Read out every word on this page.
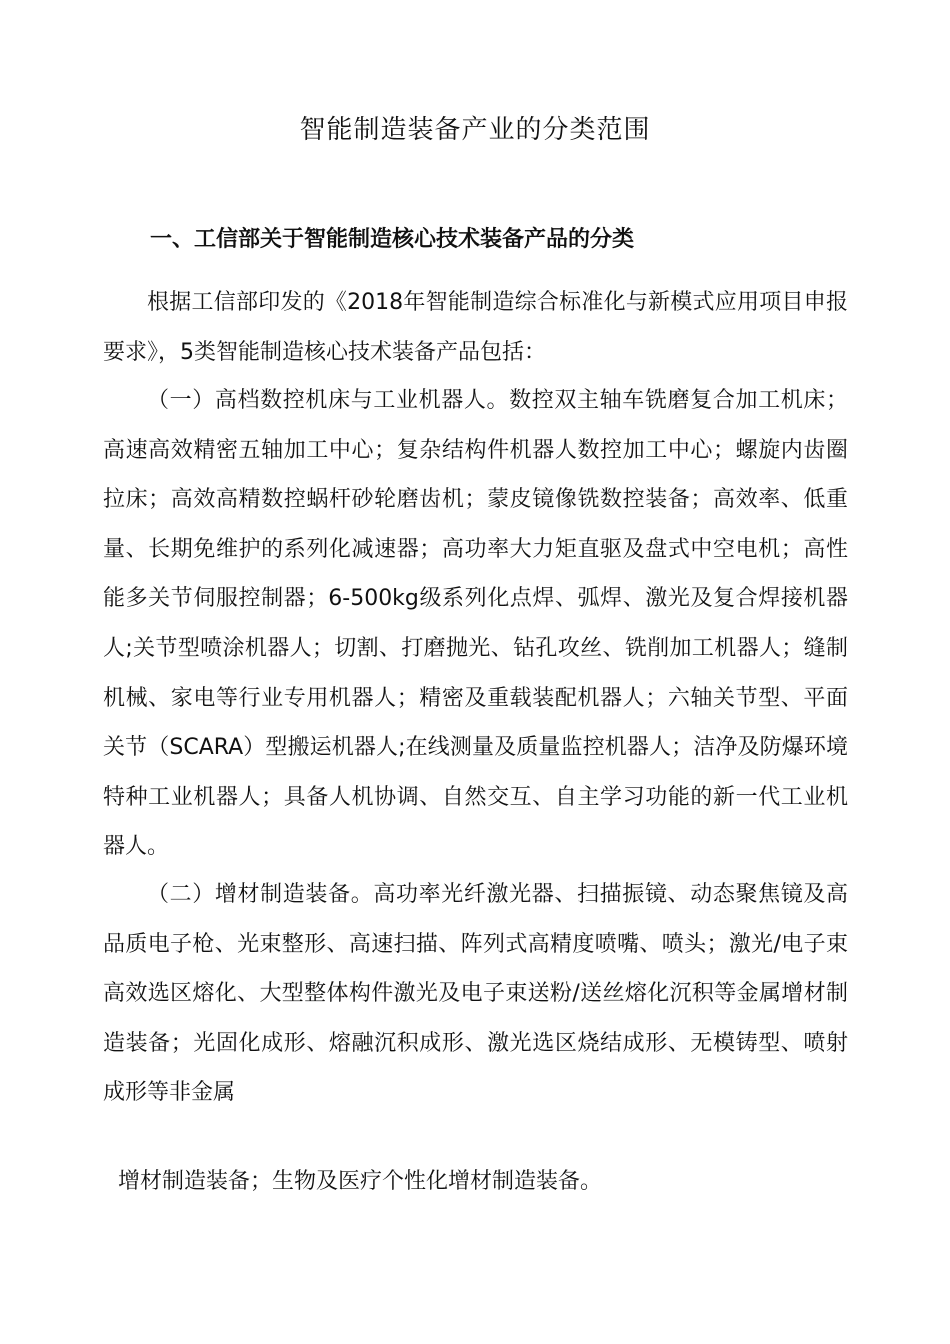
智能制造装备产业的分类范围
一、工信部关于智能制造核心技术装备产品的分类

根据工信部印发的《2018年智能制造综合标准化与新模式应用项目申报要求》，5类智能制造核心技术装备产品包括：

（一）高档数控机床与工业机器人。数控双主轴车铣磨复合加工机床；高速高效精密五轴加工中心；复杂结构件机器人数控加工中心；螺旋内齿圈拉床；高效高精数控蜗杆砂轮磨齿机；蒙皮镜像铣数控装备；高效率、低重量、长期免维护的系列化减速器；高功率大力矩直驱及盘式中空电机；高性能多关节伺服控制器；6-500kg级系列化点焊、弧焊、激光及复合焊接机器人;关节型喷涂机器人；切割、打磨抛光、钻孔攻丝、铣削加工机器人；缝制机械、家电等行业专用机器人；精密及重载装配机器人；六轴关节型、平面关节（SCARA）型搬运机器人;在线测量及质量监控机器人；洁净及防爆环境特种工业机器人；具备人机协调、自然交互、自主学习功能的新一代工业机器人。

（二）增材制造装备。高功率光纤激光器、扫描振镜、动态聚焦镜及高品质电子枪、光束整形、高速扫描、阵列式高精度喷嘴、喷头；激光/电子束高效选区熔化、大型整体构件激光及电子束送粉/送丝熔化沉积等金属增材制造装备；光固化成形、熔融沉积成形、激光选区烧结成形、无模铸型、喷射成形等非金属

增材制造装备；生物及医疗个性化增材制造装备。
